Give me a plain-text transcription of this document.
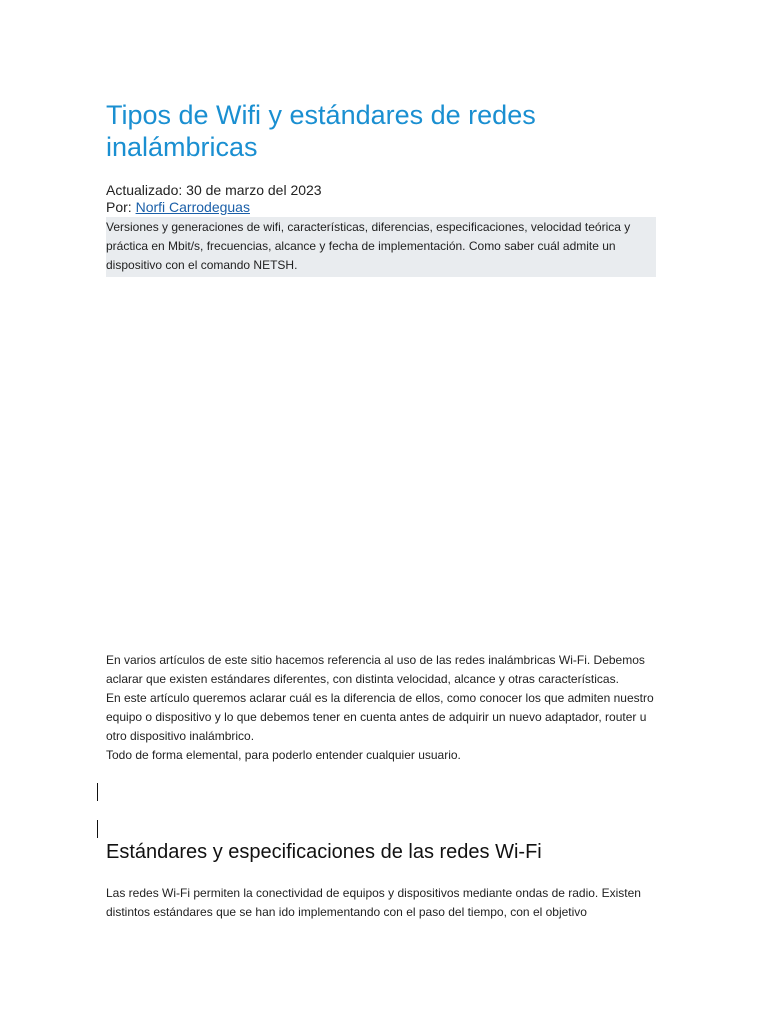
Tipos de Wifi y estándares de redes inalámbricas
Actualizado: 30 de marzo del 2023
Por: Norfi Carrodeguas
Versiones y generaciones de wifi, características, diferencias, especificaciones, velocidad teórica y práctica en Mbit/s, frecuencias, alcance y fecha de implementación. Como saber cuál admite un dispositivo con el comando NETSH.

En varios artículos de este sitio hacemos referencia al uso de las redes inalámbricas Wi-Fi. Debemos aclarar que existen estándares diferentes, con distinta velocidad, alcance y otras características.

En este artículo queremos aclarar cuál es la diferencia de ellos, como conocer los que admiten nuestro equipo o dispositivo y lo que debemos tener en cuenta antes de adquirir un nuevo adaptador, router u otro dispositivo inalámbrico.

Todo de forma elemental, para poderlo entender cualquier usuario.

Estándares y especificaciones de las redes Wi-Fi

Las redes Wi-Fi permiten la conectividad de equipos y dispositivos mediante ondas de radio. Existen distintos estándares que se han ido implementando con el paso del tiempo, con el objetivo
